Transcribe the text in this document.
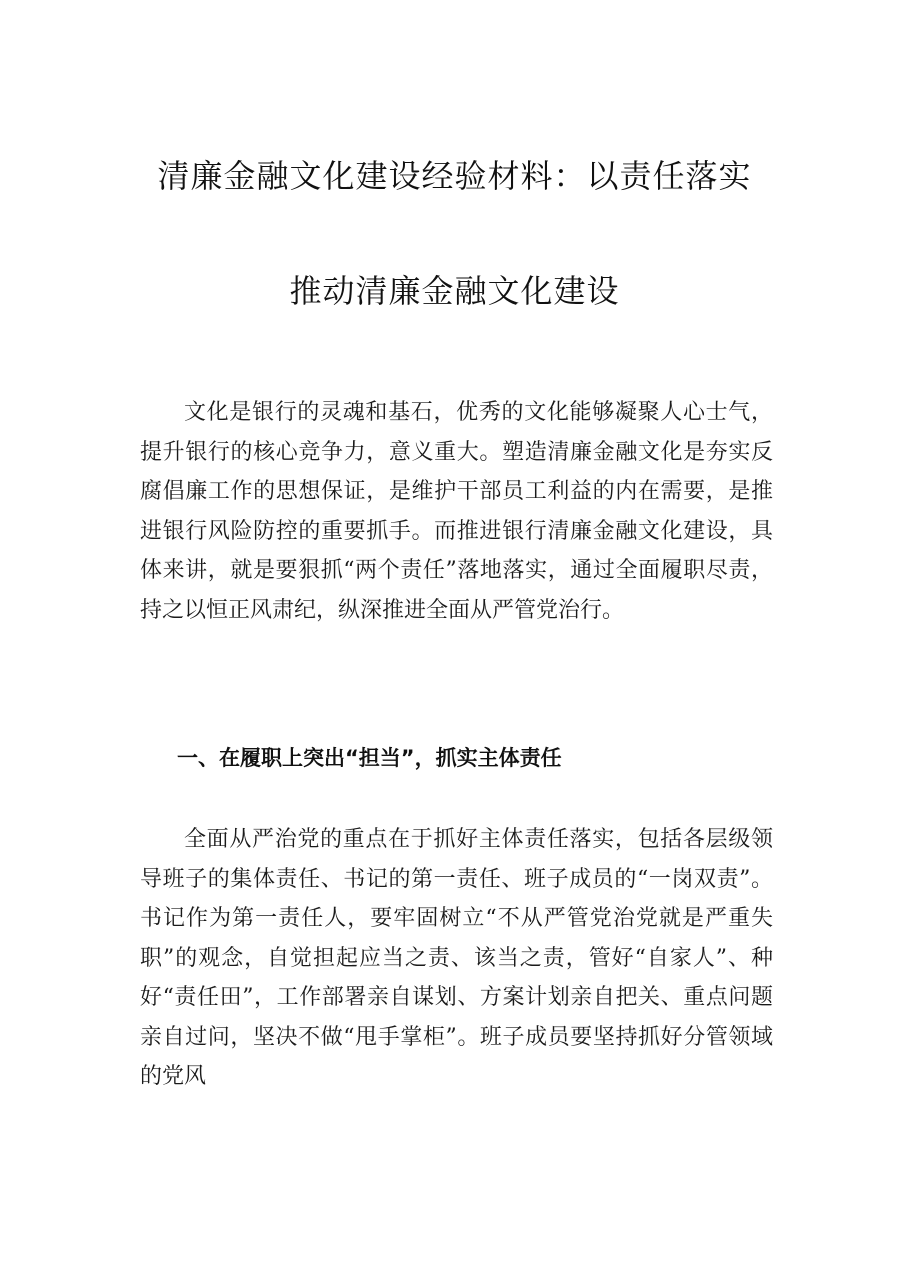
清廉金融文化建设经验材料：以责任落实
推动清廉金融文化建设

文化是银行的灵魂和基石，优秀的文化能够凝聚人心士气，提升银行的核心竞争力，意义重大。塑造清廉金融文化是夯实反腐倡廉工作的思想保证，是维护干部员工利益的内在需要，是推进银行风险防控的重要抓手。而推进银行清廉金融文化建设，具体来讲，就是要狠抓“两个责任”落地落实，通过全面履职尽责，持之以恒正风肃纪，纵深推进全面从严管党治行。

一、在履职上突出“担当”，抓实主体责任

全面从严治党的重点在于抓好主体责任落实，包括各层级领导班子的集体责任、书记的第一责任、班子成员的“一岗双责”。书记作为第一责任人，要牢固树立“不从严管党治党就是严重失职”的观念，自觉担起应当之责、该当之责，管好“自家人”、种好“责任田”，工作部署亲自谋划、方案计划亲自把关、重点问题亲自过问，坚决不做“甩手掌柜”。班子成员要坚持抓好分管领域的党风
